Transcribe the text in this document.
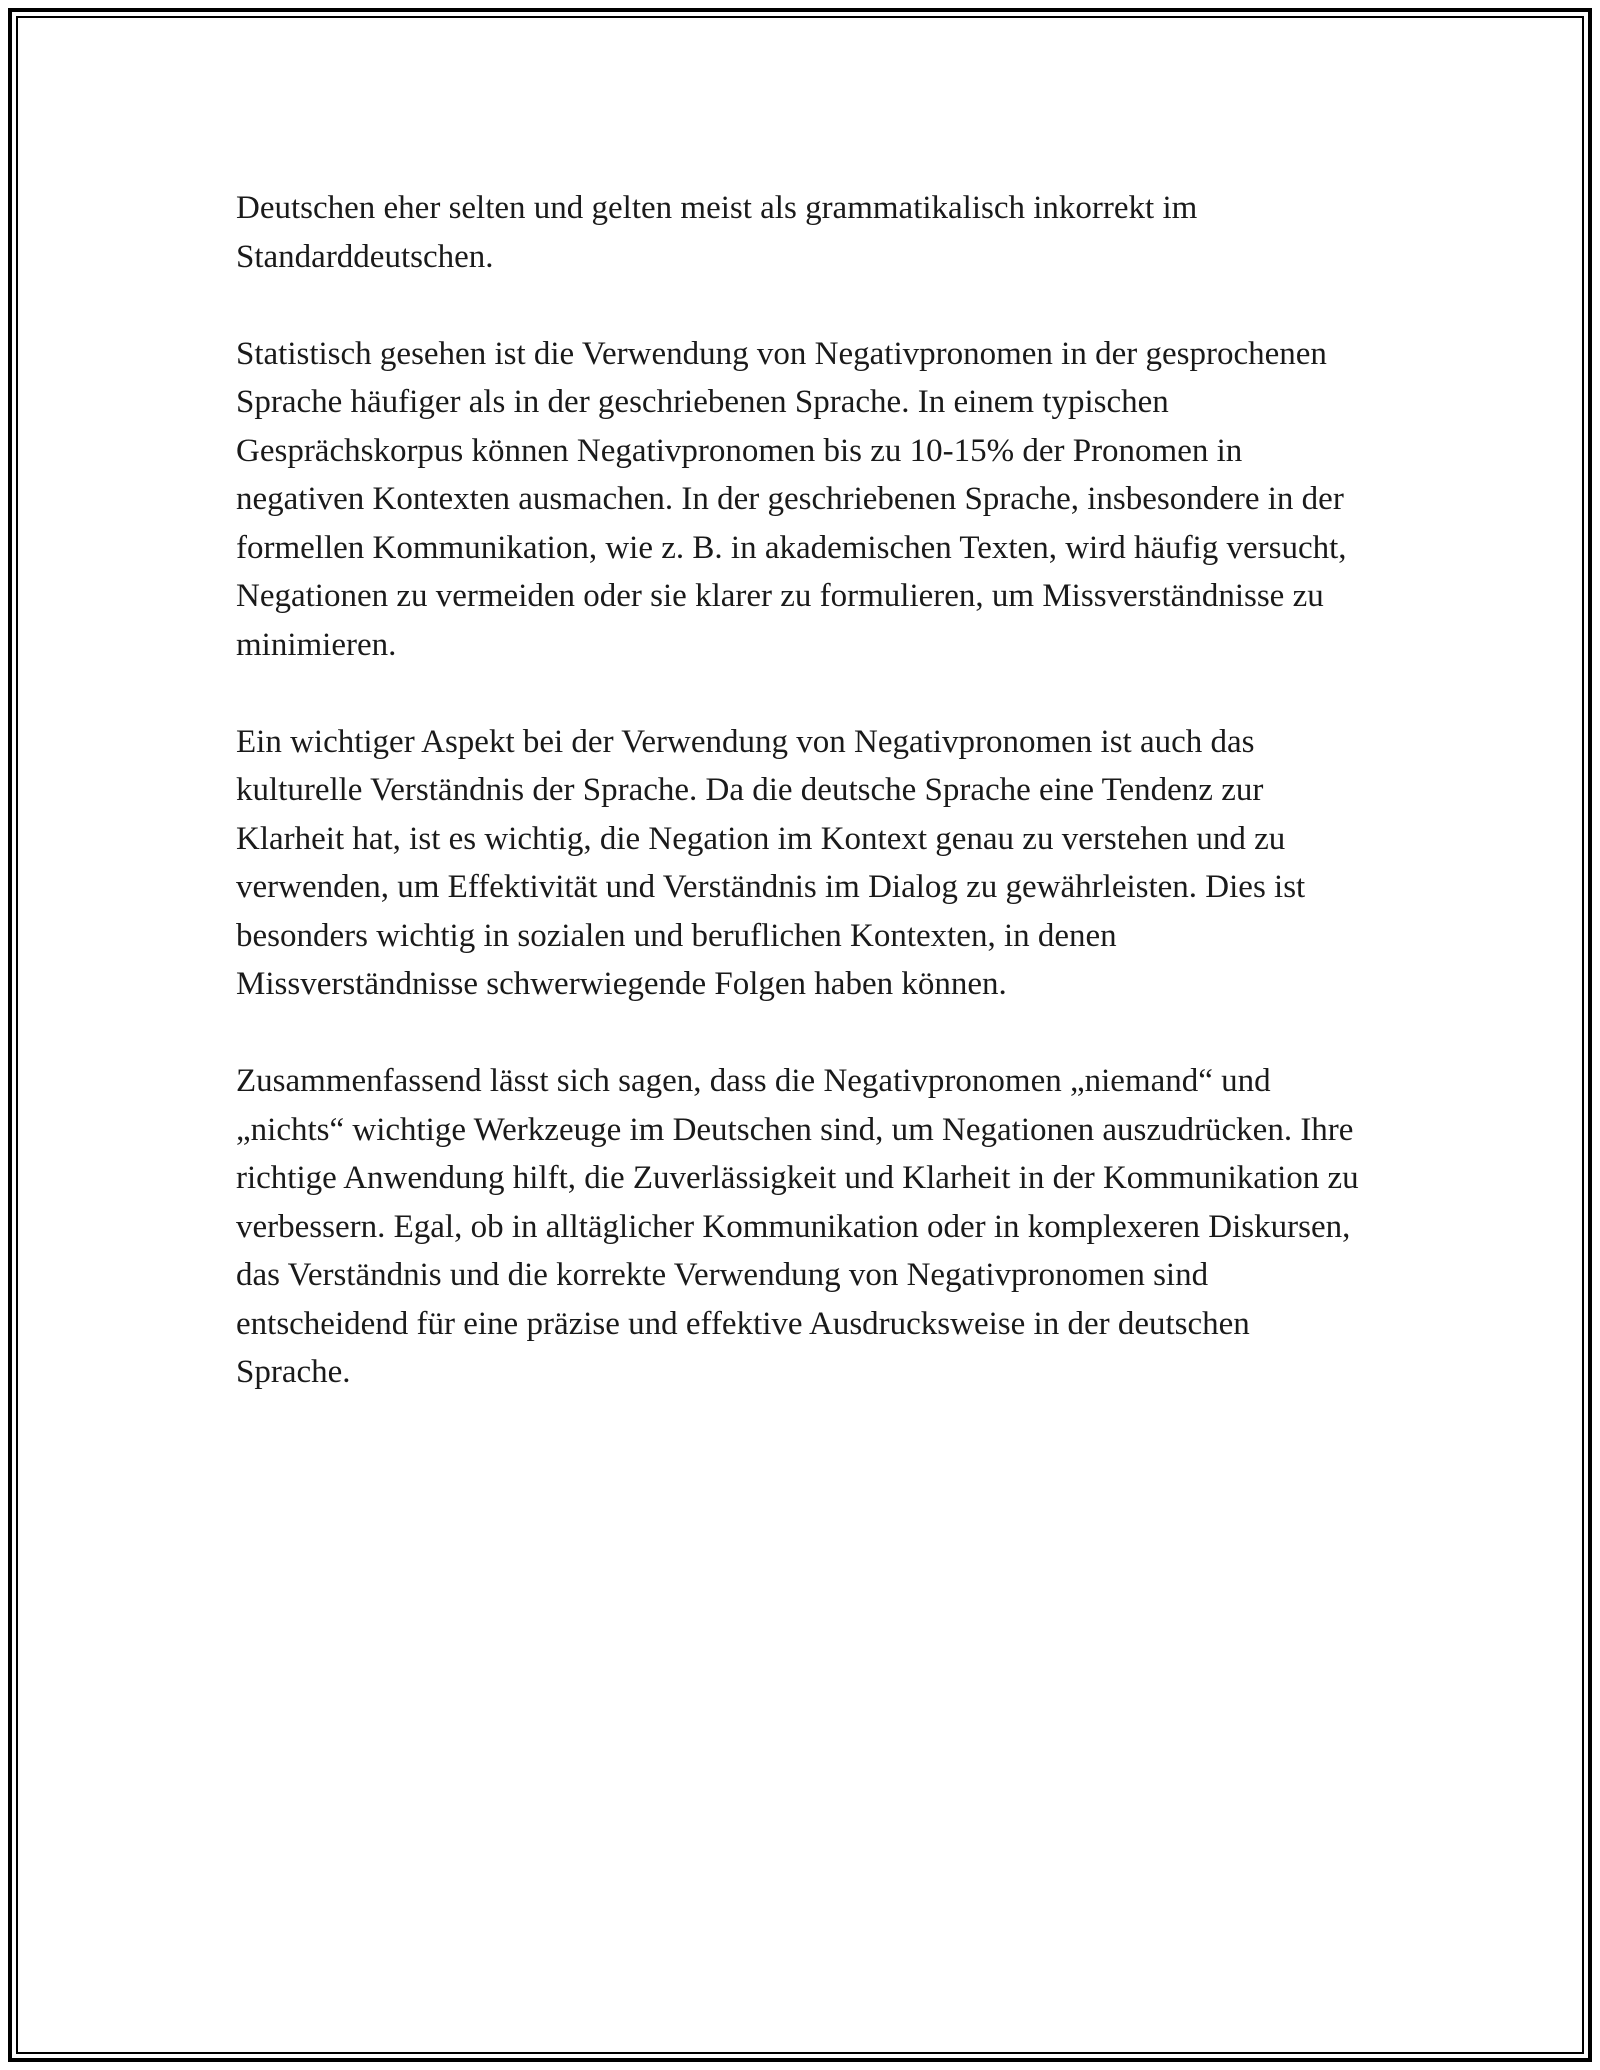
Deutschen eher selten und gelten meist als grammatikalisch inkorrekt im Standarddeutschen.

Statistisch gesehen ist die Verwendung von Negativpronomen in der gesprochenen Sprache häufiger als in der geschriebenen Sprache. In einem typischen Gesprächskorpus können Negativpronomen bis zu 10-15% der Pronomen in negativen Kontexten ausmachen. In der geschriebenen Sprache, insbesondere in der formellen Kommunikation, wie z. B. in akademischen Texten, wird häufig versucht, Negationen zu vermeiden oder sie klarer zu formulieren, um Missverständnisse zu minimieren.

Ein wichtiger Aspekt bei der Verwendung von Negativpronomen ist auch das kulturelle Verständnis der Sprache. Da die deutsche Sprache eine Tendenz zur Klarheit hat, ist es wichtig, die Negation im Kontext genau zu verstehen und zu verwenden, um Effektivität und Verständnis im Dialog zu gewährleisten. Dies ist besonders wichtig in sozialen und beruflichen Kontexten, in denen Missverständnisse schwerwiegende Folgen haben können.

Zusammenfassend lässt sich sagen, dass die Negativpronomen „niemand“ und „nichts“ wichtige Werkzeuge im Deutschen sind, um Negationen auszudrücken. Ihre richtige Anwendung hilft, die Zuverlässigkeit und Klarheit in der Kommunikation zu verbessern. Egal, ob in alltäglicher Kommunikation oder in komplexeren Diskursen, das Verständnis und die korrekte Verwendung von Negativpronomen sind entscheidend für eine präzise und effektive Ausdrucksweise in der deutschen Sprache.
